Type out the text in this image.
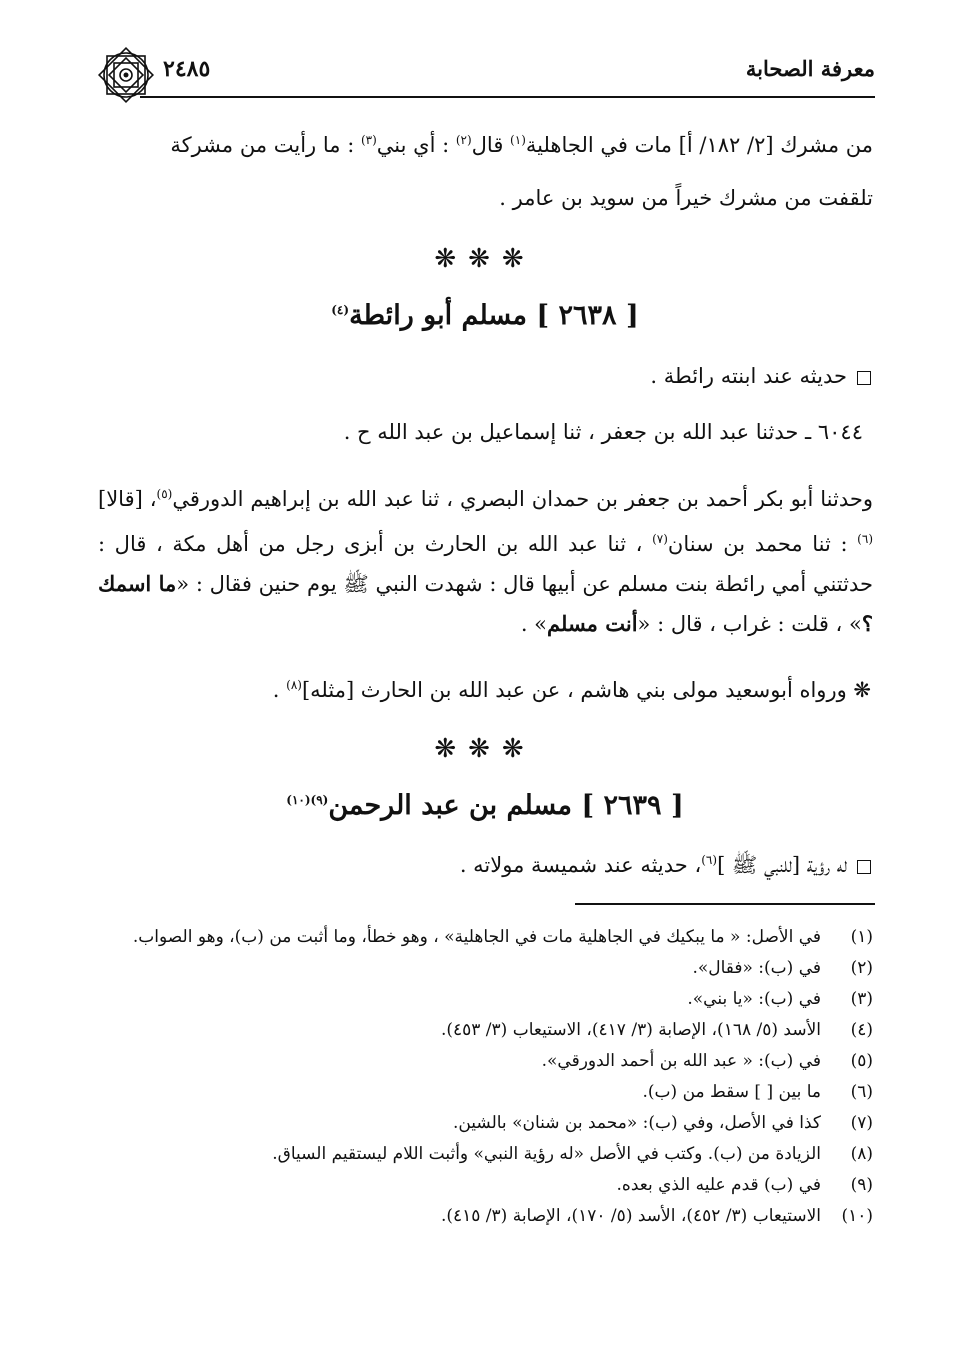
معرفة الصحابة
٢٤٨٥
من مشرك [٢/ ١٨٢/ أ] مات في الجاهلية$^{(١)}$ قال$^{(٢)}$ : أي بني$^{(٣)}$ : ما رأيت من مشركة
تلقفت من مشرك خيراً من سويد بن عامر .
❋❋❋
[ ٢٦٣٨ ] مسلم أبو رائطة$^{(٤)}$
حديثه عند ابنته رائطة .
٦٠٤٤ ـ حدثنا عبد الله بن جعفر ، ثنا إسماعيل بن عبد الله ح .
وحدثنا أبو بكر أحمد بن جعفر بن حمدان البصري ، ثنا عبد الله بن إبراهيم الدورقي$^{(٥)}$، [قالا]$^{(٦)}$ : ثنا محمد بن سنان$^{(٧)}$ ، ثنا عبد الله بن الحارث بن أبزى رجل من أهل مكة ، قال : حدثتني أمي رائطة بنت مسلم عن أبيها قال : شهدت النبي ﷺ يوم حنين فقال : «ما اسمك ؟» ، قلت : غراب ، قال : «أنت مسلم» .
❋ ورواه أبوسعيد مولى بني هاشم ، عن عبد الله بن الحارث [مثله]$^{(٨)}$ .
❋❋❋
[ ٢٦٣٩ ] مسلم بن عبد الرحمن$^{(٩)(١٠)}$
له رؤية [للنبي ﷺ ]$^{(٦)}$، حديثه عند شميسة مولاته .
(١)
في الأصل: « ما يبكيك في الجاهلية مات في الجاهلية» ، وهو خطأ، وما أثبت من (ب)، وهو الصواب.
(٢)
في (ب): «فقال».
(٣)
في (ب): «يا بني».
(٤)
الأسد (٥/ ١٦٨)، الإصابة (٣/ ٤١٧)، الاستيعاب (٣/ ٤٥٣).
(٥)
في (ب): « عبد الله بن أحمد الدورقي».
(٦)
ما بين [ ] سقط من (ب).
(٧)
كذا في الأصل، وفي (ب): «محمد بن شنان» بالشين.
(٨)
الزيادة من (ب). وكتب في الأصل «له رؤية النبي» وأثبت اللام ليستقيم السياق.
(٩)
في (ب) قدم عليه الذي بعده.
(١٠)
الاستيعاب (٣/ ٤٥٢)، الأسد (٥/ ١٧٠)، الإصابة (٣/ ٤١٥).
